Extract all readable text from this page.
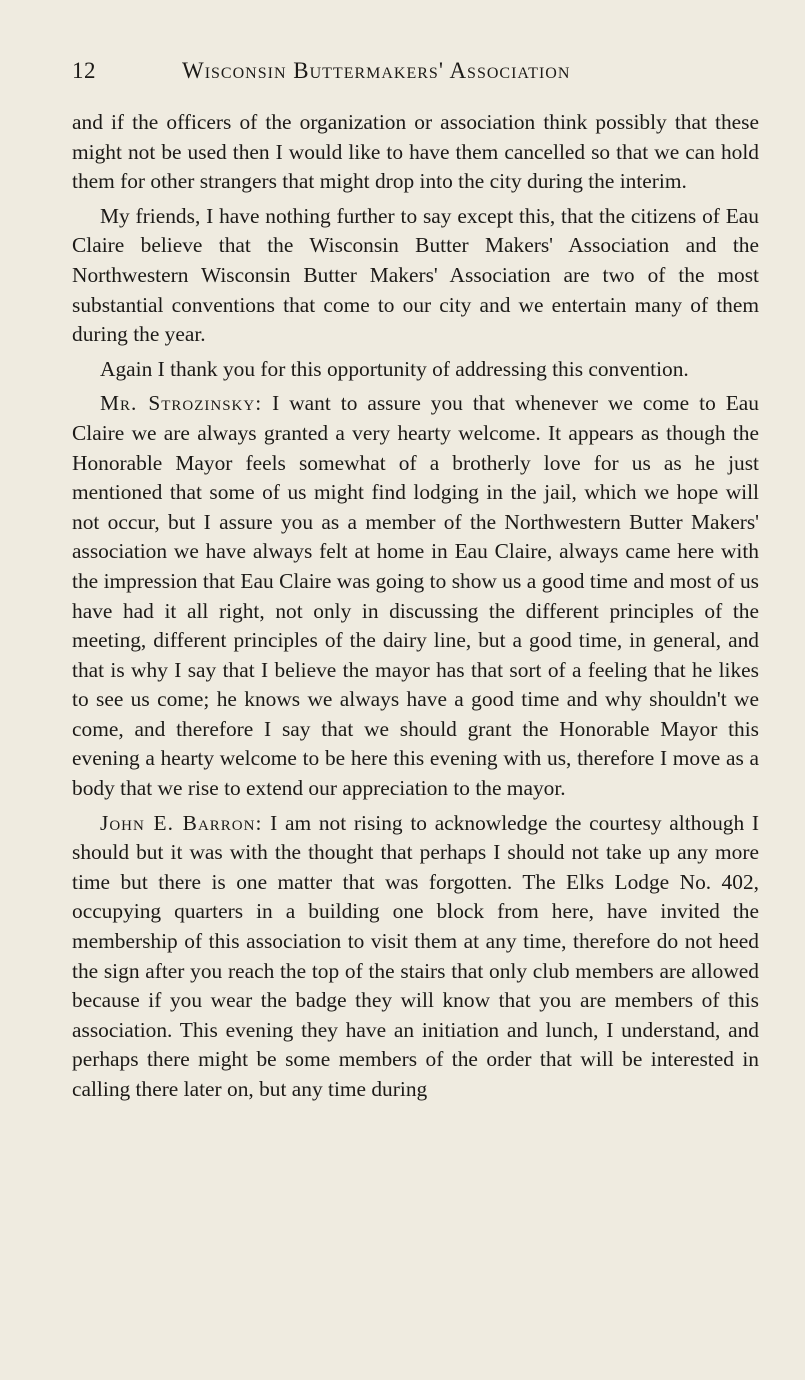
12	Wisconsin Buttermakers' Association

and if the officers of the organization or association think possibly that these might not be used then I would like to have them cancelled so that we can hold them for other strangers that might drop into the city during the interim.

My friends, I have nothing further to say except this, that the citizens of Eau Claire believe that the Wisconsin Butter Makers' Association and the Northwestern Wisconsin Butter Makers' Association are two of the most substantial conventions that come to our city and we entertain many of them during the year.

Again I thank you for this opportunity of addressing this convention.

Mr. Strozinsky: I want to assure you that whenever we come to Eau Claire we are always granted a very hearty welcome. It appears as though the Honorable Mayor feels somewhat of a brotherly love for us as he just mentioned that some of us might find lodging in the jail, which we hope will not occur, but I assure you as a member of the Northwestern Butter Makers' association we have always felt at home in Eau Claire, always came here with the impression that Eau Claire was going to show us a good time and most of us have had it all right, not only in discussing the different principles of the meeting, different principles of the dairy line, but a good time, in general, and that is why I say that I believe the mayor has that sort of a feeling that he likes to see us come; he knows we always have a good time and why shouldn't we come, and therefore I say that we should grant the Honorable Mayor this evening a hearty welcome to be here this evening with us, therefore I move as a body that we rise to extend our appreciation to the mayor.

John E. Barron: I am not rising to acknowledge the courtesy although I should but it was with the thought that perhaps I should not take up any more time but there is one matter that was forgotten. The Elks Lodge No. 402, occupying quarters in a building one block from here, have invited the membership of this association to visit them at any time, therefore do not heed the sign after you reach the top of the stairs that only club members are allowed because if you wear the badge they will know that you are members of this association. This evening they have an initiation and lunch, I understand, and perhaps there might be some members of the order that will be interested in calling there later on, but any time during
